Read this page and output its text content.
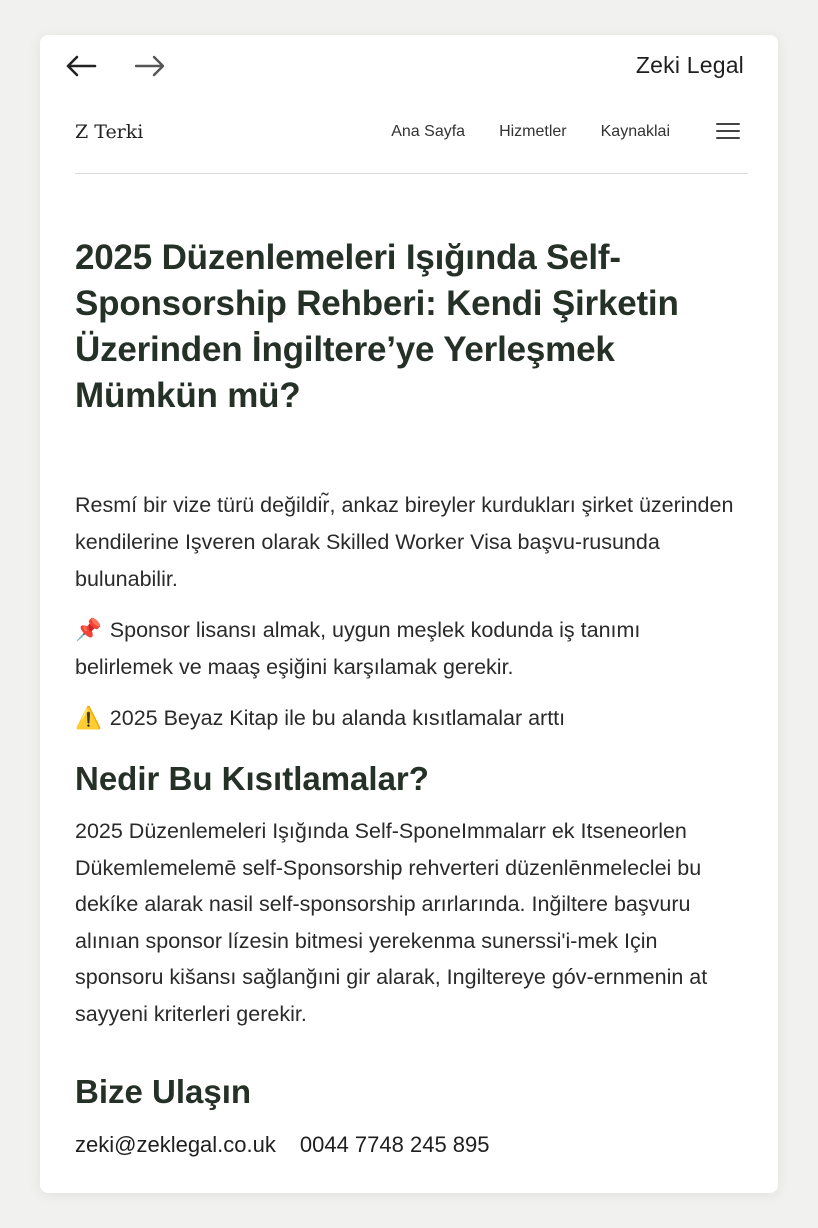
Zeki Legal
Z Terki	Ana Sayfa Hizmetler Kaynaklai
2025 Düzenlemeleri Işığında Self-Sponsorship Rehberi: Kendi Şirketin Üzerinden İngiltere’ye Yerleşmek Mümkün mü?

Resmí bir vize türü değildir̃, ankaz bireyler kurdukları şirket üzerinden kendilerine Işveren olarak Skilled Worker Visa başvu-rusunda bulunabilir.

📌 Sponsor lisansı almak, uygun meşlek kodunda iş tanımı belirlemek ve maaş eşiğini karşılamak gerekir.

⚠️ 2025 Beyaz Kitap ile bu alanda kısıtlamalar arttı

Nedir Bu Kısıtlamalar?

2025 Düzenlemeleri Işığında Self-SponeImmalarr ek Itseneorlen Dükemlemelemē self-Sponsorship rehverteri düzenlēnmeleclei bu dekíke alarak nasil self-sponsorship arırlarında. Inğiltere başvuru alınıan sponsor lízesin bitmesi yerekenma sunerssi'i-mek Için sponsoru kišansı sağlanğıni gir alarak, Ingiltereye góv-ernmenin at sayyeni kriterleri gerekir.

Bize Ulaşın
zeki@zeklegal.co.uk 0044 7748 245 895
